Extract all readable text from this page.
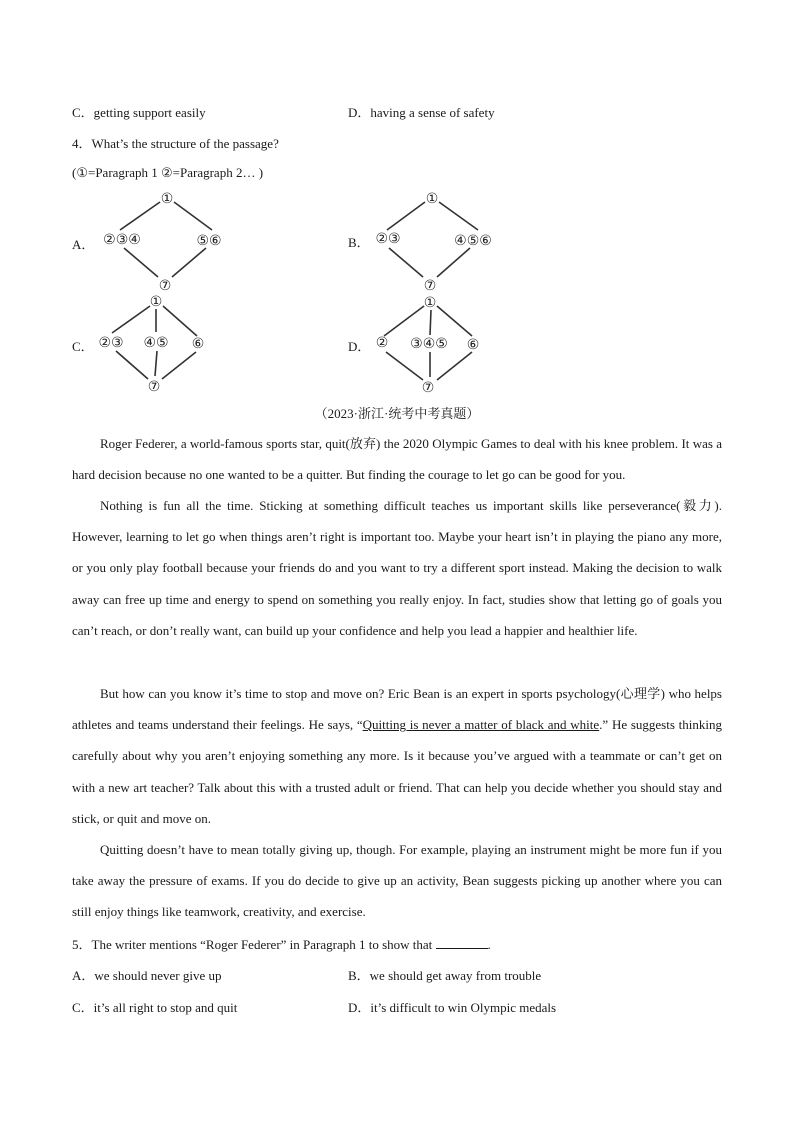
C．getting support easily	D．having a sense of safety
4．What’s the structure of the passage?
(①=Paragraph 1 ②=Paragraph 2… )
A．	B．
C．	D．
①
②③④	⑤⑥
⑦
①
②③	④⑤⑥
⑦
①
②③ ④⑤ ⑥
⑦
①
② ③④⑤ ⑥
⑦
（2023·浙江·统考中考真题）
Roger Federer, a world-famous sports star, quit(放弃) the 2020 Olympic Games to deal with his knee problem. It was a hard decision because no one wanted to be a quitter. But finding the courage to let go can be good for you.
Nothing is fun all the time. Sticking at something difficult teaches us important skills like perseverance(毅力). However, learning to let go when things aren’t right is important too. Maybe your heart isn’t in playing the piano any more, or you only play football because your friends do and you want to try a different sport instead. Making the decision to walk away can free up time and energy to spend on something you really enjoy. In fact, studies show that letting go of goals you can’t reach, or don’t really want, can build up your confidence and help you lead a happier and healthier life.
But how can you know it’s time to stop and move on? Eric Bean is an expert in sports psychology(心理学) who helps athletes and teams understand their feelings. He says, “Quitting is never a matter of black and white.” He suggests thinking carefully about why you aren’t enjoying something any more. Is it because you’ve argued with a teammate or can’t get on with a new art teacher? Talk about this with a trusted adult or friend. That can help you decide whether you should stay and stick, or quit and move on.
Quitting doesn’t have to mean totally giving up, though. For example, playing an instrument might be more fun if you take away the pressure of exams. If you do decide to give up an activity, Bean suggests picking up another where you can still enjoy things like teamwork, creativity, and exercise.
5．The writer mentions “Roger Federer” in Paragraph 1 to show that	.
A．we should never give up	B．we should get away from trouble
C．it’s all right to stop and quit	D．it’s difficult to win Olympic medals
